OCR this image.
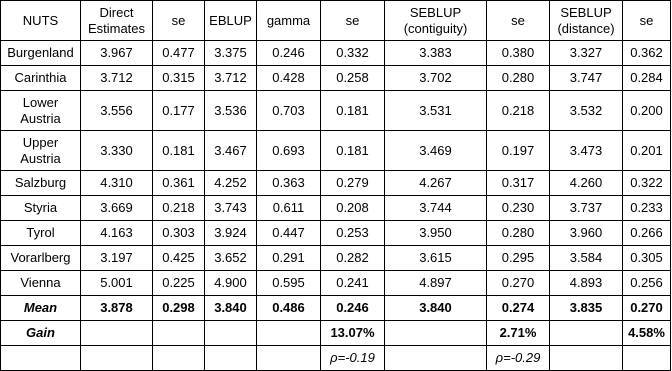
NUTS	Direct Estimates	se	EBLUP	gamma	se	SEBLUP (contiguity)	se	SEBLUP (distance)	se
Burgenland	3.967	0.477	3.375	0.246	0.332	3.383	0.380	3.327	0.362
Carinthia	3.712	0.315	3.712	0.428	0.258	3.702	0.280	3.747	0.284
Lower Austria	3.556	0.177	3.536	0.703	0.181	3.531	0.218	3.532	0.200
Upper Austria	3.330	0.181	3.467	0.693	0.181	3.469	0.197	3.473	0.201
Salzburg	4.310	0.361	4.252	0.363	0.279	4.267	0.317	4.260	0.322
Styria	3.669	0.218	3.743	0.611	0.208	3.744	0.230	3.737	0.233
Tyrol	4.163	0.303	3.924	0.447	0.253	3.950	0.280	3.960	0.266
Vorarlberg	3.197	0.425	3.652	0.291	0.282	3.615	0.295	3.584	0.305
Vienna	5.001	0.225	4.900	0.595	0.241	4.897	0.270	4.893	0.256
Mean	3.878	0.298	3.840	0.486	0.246	3.840	0.274	3.835	0.270
Gain					13.07%		2.71%		4.58%
					ρ=-0.19		ρ=-0.29		
